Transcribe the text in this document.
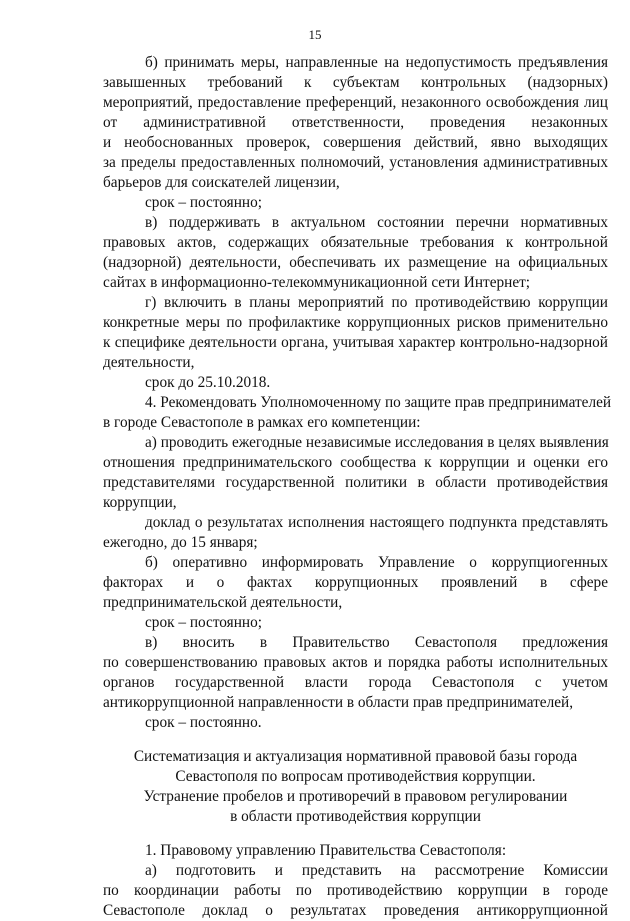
15
б) принимать меры, направленные на недопустимость предъявления
завышенных требований к субъектам контрольных (надзорных)
мероприятий, предоставление преференций, незаконного освобождения лиц
от административной ответственности, проведения незаконных
и необоснованных проверок, совершения действий, явно выходящих
за пределы предоставленных полномочий, установления административных
барьеров для соискателей лицензии,
срок – постоянно;
в) поддерживать в актуальном состоянии перечни нормативных
правовых актов, содержащих обязательные требования к контрольной
(надзорной) деятельности, обеспечивать их размещение на официальных
сайтах в информационно-телекоммуникационной сети Интернет;
г) включить в планы мероприятий по противодействию коррупции
конкретные меры по профилактике коррупционных рисков применительно
к специфике деятельности органа, учитывая характер контрольно-надзорной
деятельности,
срок до 25.10.2018.
4. Рекомендовать Уполномоченному по защите прав предпринимателей
в городе Севастополе в рамках его компетенции:
а) проводить ежегодные независимые исследования в целях выявления
отношения предпринимательского сообщества к коррупции и оценки его
представителями государственной политики в области противодействия
коррупции,
доклад о результатах исполнения настоящего подпункта представлять
ежегодно, до 15 января;
б) оперативно информировать Управление о коррупциогенных
факторах и о фактах коррупционных проявлений в сфере
предпринимательской деятельности,
срок – постоянно;
в) вносить в Правительство Севастополя предложения
по совершенствованию правовых актов и порядка работы исполнительных
органов государственной власти города Севастополя с учетом
антикоррупционной направленности в области прав предпринимателей,
срок – постоянно.
Систематизация и актуализация нормативной правовой базы города
Севастополя по вопросам противодействия коррупции.
Устранение пробелов и противоречий в правовом регулировании
в области противодействия коррупции
1. Правовому управлению Правительства Севастополя:
а) подготовить и представить на рассмотрение Комиссии
по координации работы по противодействию коррупции в городе
Севастополе доклад о результатах проведения антикоррупционной
